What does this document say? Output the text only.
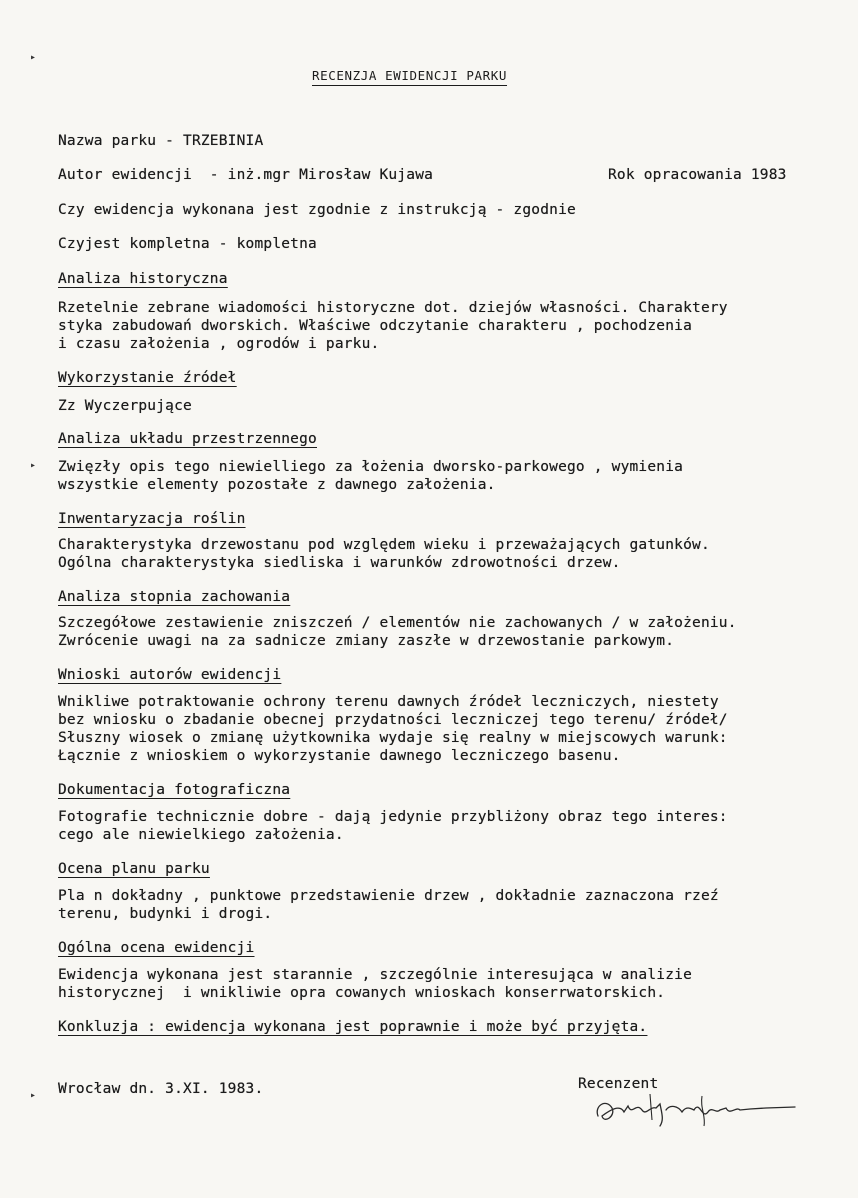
▸
▸
▸
RECENZJA EWIDENCJI PARKU
Nazwa parku - TRZEBINIA
Autor ewidencji  - inż.mgr Mirosław Kujawa	Rok opracowania 1983
Czy ewidencja wykonana jest zgodnie z instrukcją - zgodnie
Czyjest kompletna - kompletna
Analiza historyczna
Rzetelnie zebrane wiadomości historyczne dot. dziejów własności. Charaktery
styka zabudowań dworskich. Właściwe odczytanie charakteru , pochodzenia
i czasu założenia , ogrodów i parku.
Wykorzystanie źródeł
Zz Wyczerpujące
Analiza układu przestrzennego
Zwięzły opis tego niewielliego za łożenia dworsko-parkowego , wymienia
wszystkie elementy pozostałe z dawnego założenia.
Inwentaryzacja roślin
Charakterystyka drzewostanu pod względem wieku i przeważających gatunków.
Ogólna charakterystyka siedliska i warunków zdrowotności drzew.
Analiza stopnia zachowania
Szczegółowe zestawienie zniszczeń / elementów nie zachowanych / w założeniu.
Zwrócenie uwagi na za sadnicze zmiany zaszłe w drzewostanie parkowym.
Wnioski autorów ewidencji
Wnikliwe potraktowanie ochrony terenu dawnych źródeł leczniczych, niestety
bez wniosku o zbadanie obecnej przydatności leczniczej tego terenu/ źródeł/
Słuszny wiosek o zmianę użytkownika wydaje się realny w miejscowych warunk:
Łącznie z wnioskiem o wykorzystanie dawnego leczniczego basenu.
Dokumentacja fotograficzna
Fotografie technicznie dobre - dają jedynie przybliżony obraz tego interes:
cego ale niewielkiego założenia.
Ocena planu parku
Pla n dokładny , punktowe przedstawienie drzew , dokładnie zaznaczona rzeź
terenu, budynki i drogi.
Ogólna ocena ewidencji
Ewidencja wykonana jest starannie , szczególnie interesująca w analizie
historycznej  i wnikliwie opra cowanych wnioskach konserrwatorskich.
Konkluzja : ewidencja wykonana jest poprawnie i może być przyjęta.
Wrocław dn. 3.XI. 1983.	Recenzent
